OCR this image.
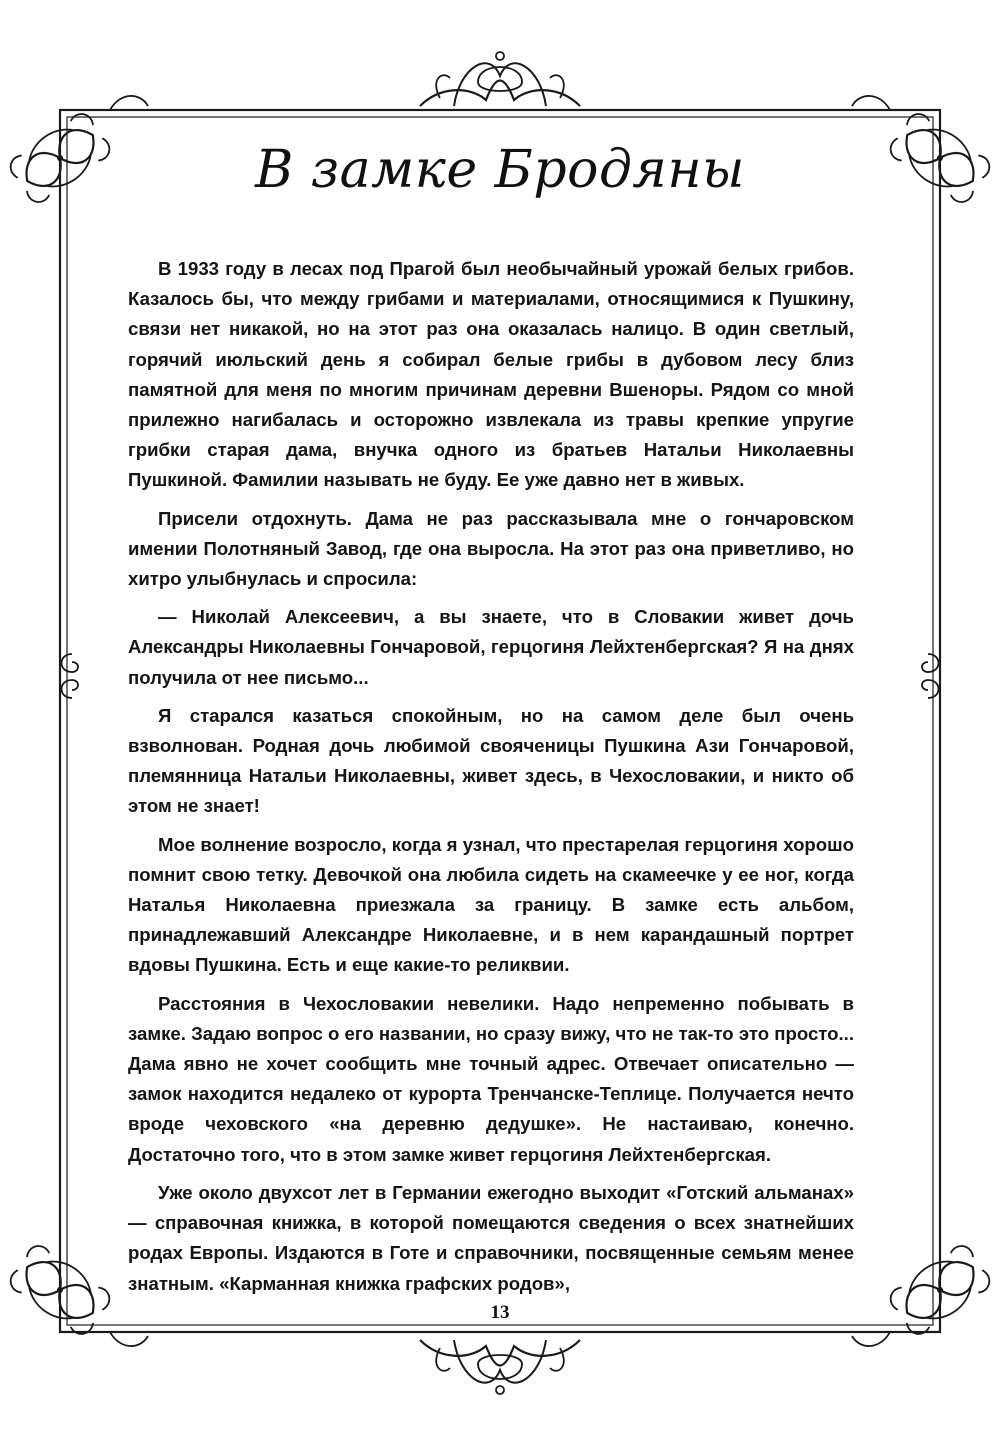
В замке Бродяны

В 1933 году в лесах под Прагой был необычайный урожай белых грибов. Казалось бы, что между грибами и материалами, относящимися к Пушкину, связи нет никакой, но на этот раз она оказалась налицо. В один светлый, горячий июльский день я собирал белые грибы в дубовом лесу близ памятной для меня по многим причинам деревни Вшеноры. Рядом со мной прилежно нагибалась и осторожно извлекала из травы крепкие упругие грибки старая дама, внучка одного из братьев Натальи Николаевны Пушкиной. Фамилии называть не буду. Ее уже давно нет в живых.

Присели отдохнуть. Дама не раз рассказывала мне о гончаровском имении Полотняный Завод, где она выросла. На этот раз она приветливо, но хитро улыбнулась и спросила:

— Николай Алексеевич, а вы знаете, что в Словакии живет дочь Александры Николаевны Гончаровой, герцогиня Лейхтенбергская? Я на днях получила от нее письмо...

Я старался казаться спокойным, но на самом деле был очень взволнован. Родная дочь любимой свояченицы Пушкина Ази Гончаровой, племянница Натальи Николаевны, живет здесь, в Чехословакии, и никто об этом не знает!

Мое волнение возросло, когда я узнал, что престарелая герцогиня хорошо помнит свою тетку. Девочкой она любила сидеть на скамеечке у ее ног, когда Наталья Николаевна приезжала за границу. В замке есть альбом, принадлежавший Александре Николаевне, и в нем карандашный портрет вдовы Пушкина. Есть и еще какие-то реликвии.

Расстояния в Чехословакии невелики. Надо непременно побывать в замке. Задаю вопрос о его названии, но сразу вижу, что не так-то это просто... Дама явно не хочет сообщить мне точный адрес. Отвечает описательно — замок находится недалеко от курорта Тренчанске-Теплице. Получается нечто вроде чеховского «на деревню дедушке». Не настаиваю, конечно. Достаточно того, что в этом замке живет герцогиня Лейхтенбергская.

Уже около двухсот лет в Германии ежегодно выходит «Готский альманах» — справочная книжка, в которой помещаются сведения о всех знатнейших родах Европы. Издаются в Готе и справочники, посвященные семьям менее знатным. «Карманная книжка графских родов»,

13
